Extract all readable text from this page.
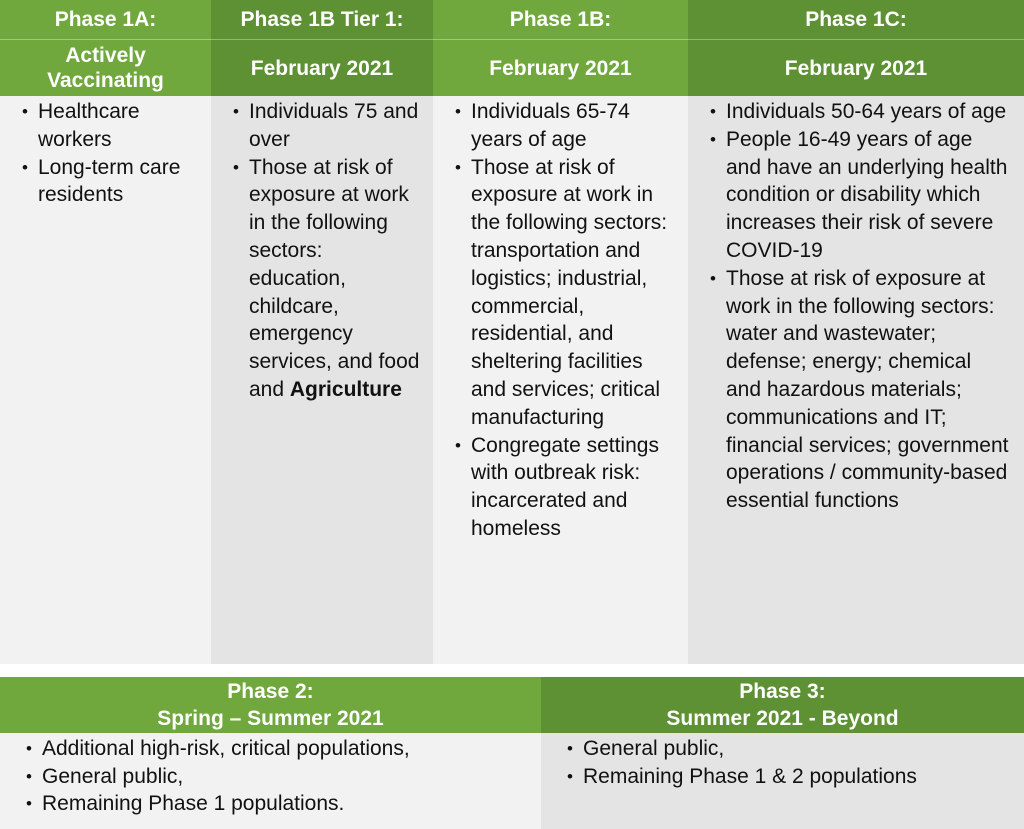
Phase 1A:
Actively Vaccinating
• Healthcare workers
• Long-term care residents
Phase 1B Tier 1:
February 2021
• Individuals 75 and over
• Those at risk of exposure at work in the following sectors: education, childcare, emergency services, and food and Agriculture
Phase 1B:
February 2021
• Individuals 65-74 years of age
• Those at risk of exposure at work in the following sectors: transportation and logistics; industrial, commercial, residential, and sheltering facilities and services; critical manufacturing
• Congregate settings with outbreak risk: incarcerated and homeless
Phase 1C:
February 2021
• Individuals 50-64 years of age
• People 16-49 years of age and have an underlying health condition or disability which increases their risk of severe COVID-19
• Those at risk of exposure at work in the following sectors: water and wastewater; defense; energy; chemical and hazardous materials; communications and IT; financial services; government operations / community-based essential functions
Phase 2:
Spring – Summer 2021
• Additional high-risk, critical populations,
• General public,
• Remaining Phase 1 populations.
Phase 3:
Summer 2021 - Beyond
• General public,
• Remaining Phase 1 & 2 populations
